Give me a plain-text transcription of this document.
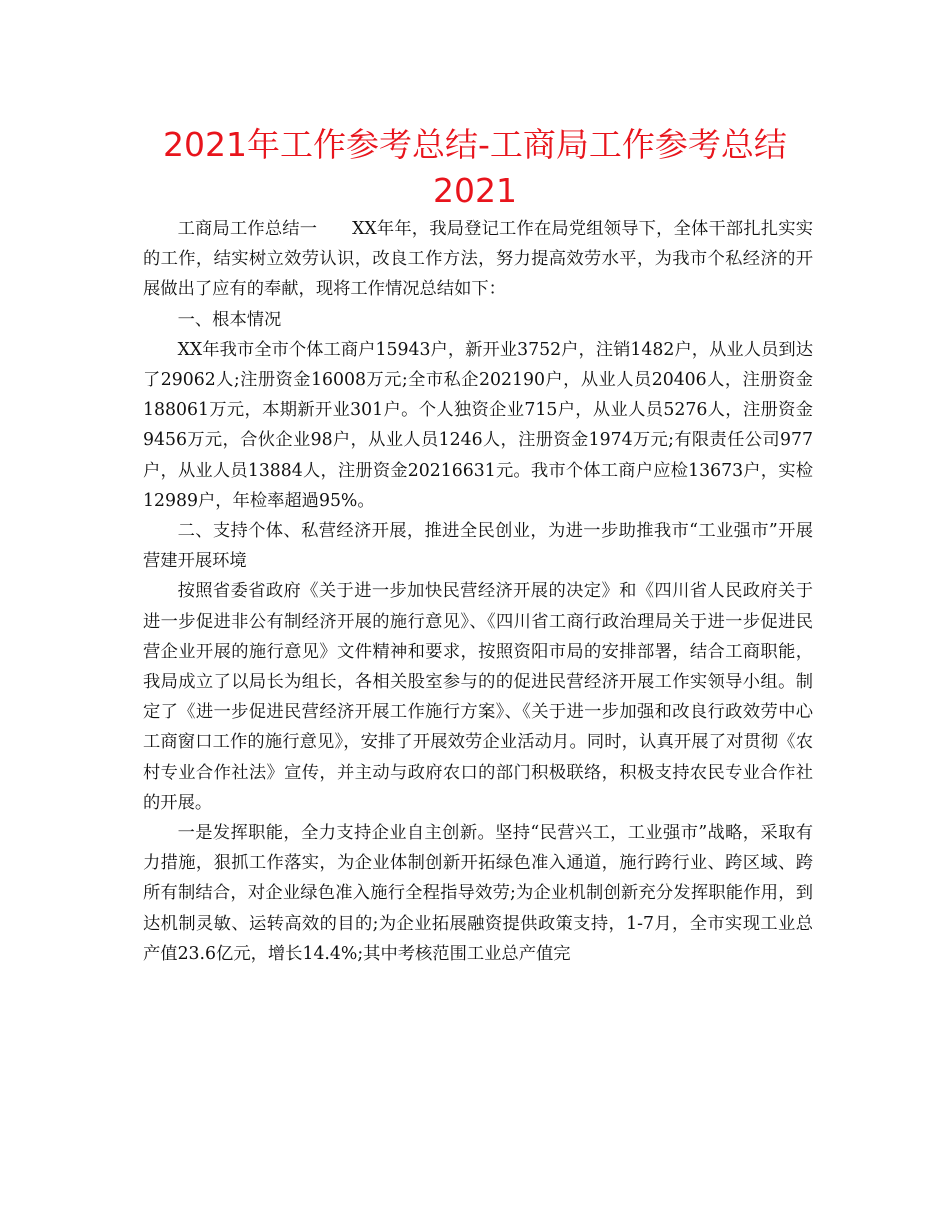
2021年工作参考总结-工商局工作参考总结2021

工商局工作总结一　　XX年年，我局登记工作在局党组领导下，全体干部扎扎实实的工作，结实树立效劳认识，改良工作方法，努力提高效劳水平，为我市个私经济的开展做出了应有的奉献，现将工作情况总结如下：

一、根本情况

XX年我市全市个体工商户15943户，新开业3752户，注销1482户，从业人员到达了29062人;注册资金16008万元;全市私企202190户，从业人员20406人，注册资金188061万元，本期新开业301户。个人独资企业715户，从业人员5276人，注册资金9456万元，合伙企业98户，从业人员1246人，注册资金1974万元;有限责任公司977户，从业人员13884人，注册资金20216631元。我市个体工商户应检13673户，实检12989户，年检率超過95%。

二、支持个体、私营经济开展，推进全民创业，为进一步助推我市“工业强市”开展营建开展环境

按照省委省政府《关于进一步加快民营经济开展的决定》和《四川省人民政府关于进一步促进非公有制经济开展的施行意见》、《四川省工商行政治理局关于进一步促进民营企业开展的施行意见》文件精神和要求，按照资阳市局的安排部署，结合工商职能，我局成立了以局长为组长，各相关股室参与的的促进民营经济开展工作实领导小组。制定了《进一步促进民营经济开展工作施行方案》、《关于进一步加强和改良行政效劳中心工商窗口工作的施行意见》，安排了开展效劳企业活动月。同时，认真开展了对贯彻《农村专业合作社法》宣传，并主动与政府农口的部门积极联络，积极支持农民专业合作社的开展。

一是发挥职能，全力支持企业自主创新。坚持“民营兴工，工业强市”战略，采取有力措施，狠抓工作落实，为企业体制创新开拓绿色准入通道，施行跨行业、跨区域、跨所有制结合，对企业绿色准入施行全程指导效劳;为企业机制创新充分发挥职能作用，到达机制灵敏、运转高效的目的;为企业拓展融资提供政策支持，1-7月，全市实现工业总产值23.6亿元，增长14.4%;其中考核范围工业总产值完
